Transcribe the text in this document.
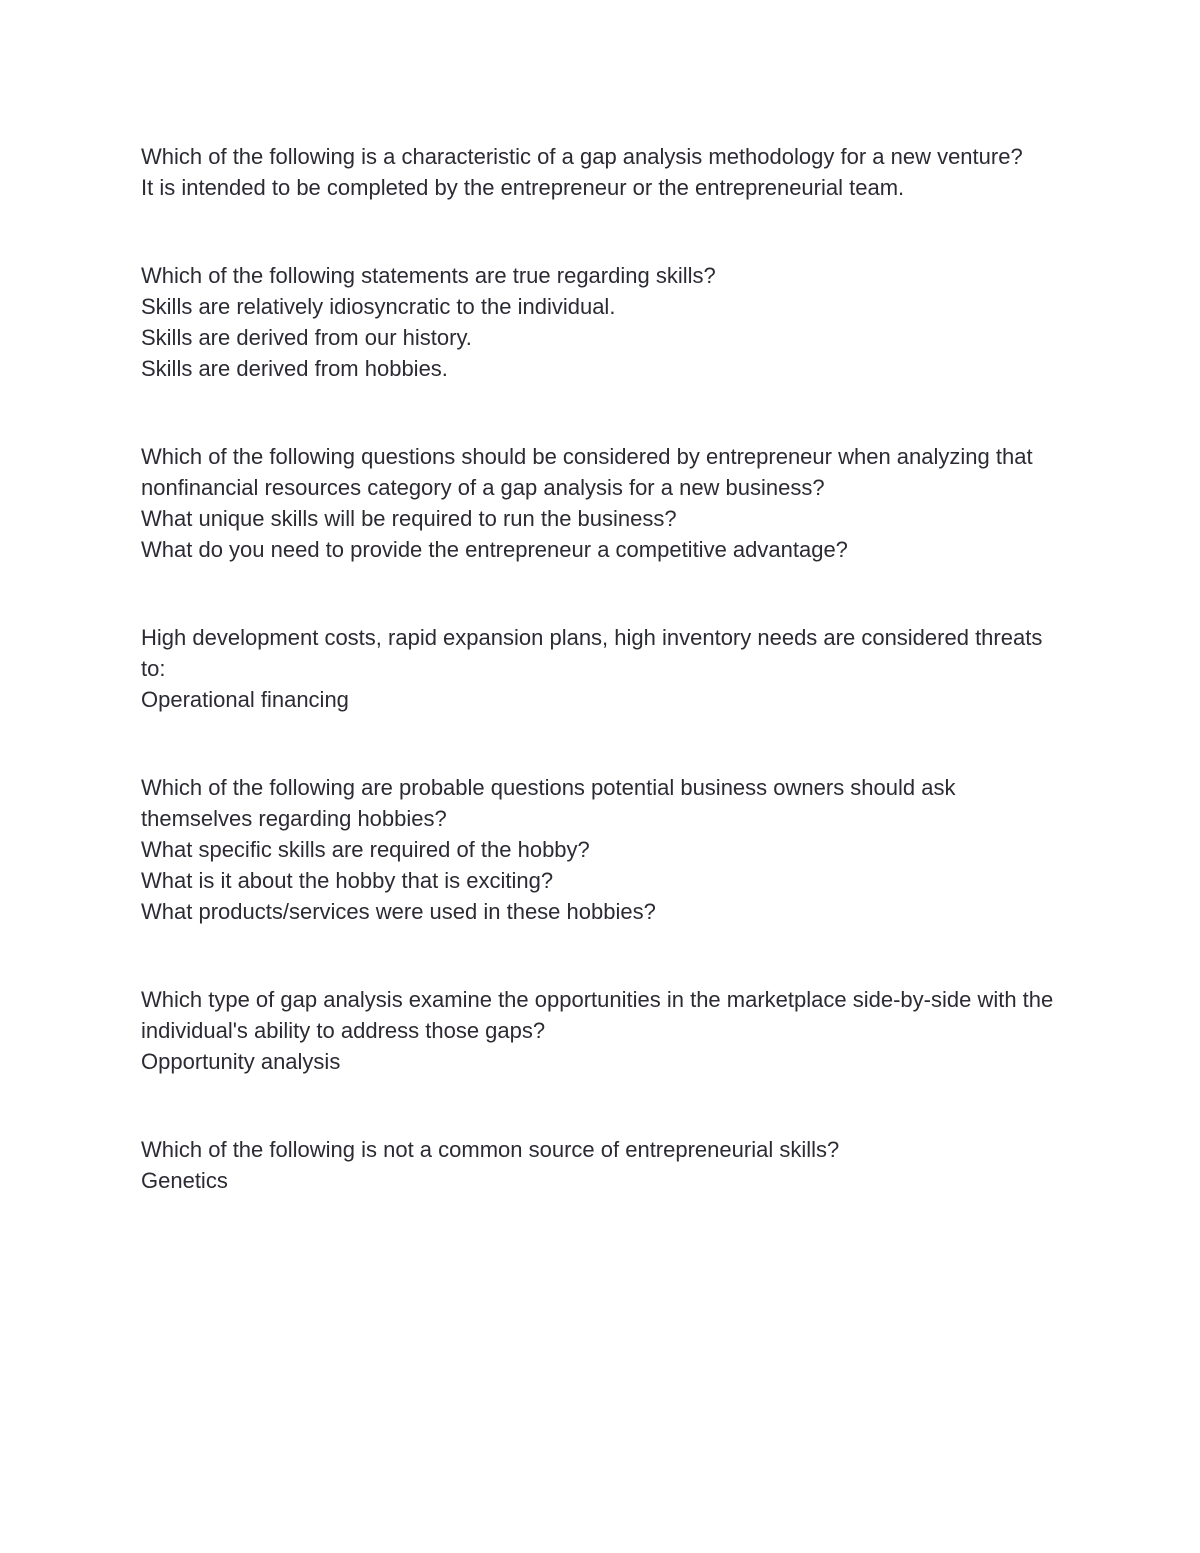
Which of the following is a characteristic of a gap analysis methodology for a new venture?
It is intended to be completed by the entrepreneur or the entrepreneurial team.
Which of the following statements are true regarding skills?
Skills are relatively idiosyncratic to the individual.
Skills are derived from our history.
Skills are derived from hobbies.
Which of the following questions should be considered by entrepreneur when analyzing that nonfinancial resources category of a gap analysis for a new business?
What unique skills will be required to run the business?
What do you need to provide the entrepreneur a competitive advantage?
High development costs, rapid expansion plans, high inventory needs are considered threats to:
Operational financing
Which of the following are probable questions potential business owners should ask themselves regarding hobbies?
What specific skills are required of the hobby?
What is it about the hobby that is exciting?
What products/services were used in these hobbies?
Which type of gap analysis examine the opportunities in the marketplace side-by-side with the individual's ability to address those gaps?
Opportunity analysis
Which of the following is not a common source of entrepreneurial skills?
Genetics
